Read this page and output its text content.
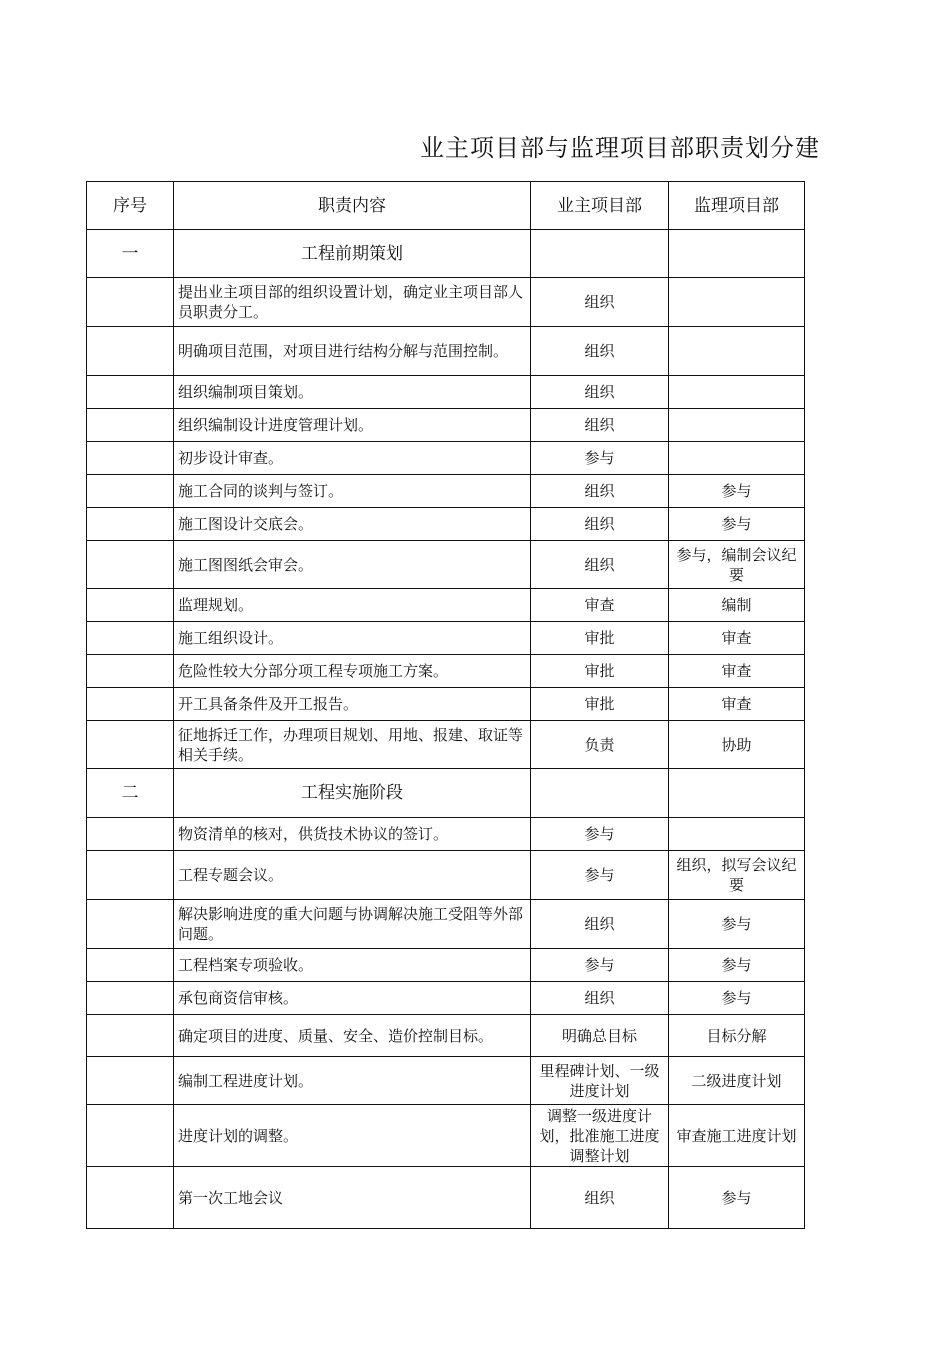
业主项目部与监理项目部职责划分建
序号	职责内容	业主项目部	监理项目部
一	工程前期策划		
	提出业主项目部的组织设置计划，确定业主项目部人员职责分工。	组织	
	明确项目范围，对项目进行结构分解与范围控制。	组织	
	组织编制项目策划。	组织	
	组织编制设计进度管理计划。	组织	
	初步设计审查。	参与	
	施工合同的谈判与签订。	组织	参与
	施工图设计交底会。	组织	参与
	施工图图纸会审会。	组织	参与，编制会议纪要
	监理规划。	审查	编制
	施工组织设计。	审批	审查
	危险性较大分部分项工程专项施工方案。	审批	审查
	开工具备条件及开工报告。	审批	审查
	征地拆迁工作，办理项目规划、用地、报建、取证等相关手续。	负责	协助
二	工程实施阶段		
	物资清单的核对，供货技术协议的签订。	参与	
	工程专题会议。	参与	组织，拟写会议纪要
	解决影响进度的重大问题与协调解决施工受阻等外部问题。	组织	参与
	工程档案专项验收。	参与	参与
	承包商资信审核。	组织	参与
	确定项目的进度、质量、安全、造价控制目标。	明确总目标	目标分解
	编制工程进度计划。	里程碑计划、一级进度计划	二级进度计划
	进度计划的调整。	调整一级进度计划，批准施工进度调整计划	审查施工进度计划
	第一次工地会议	组织	参与
